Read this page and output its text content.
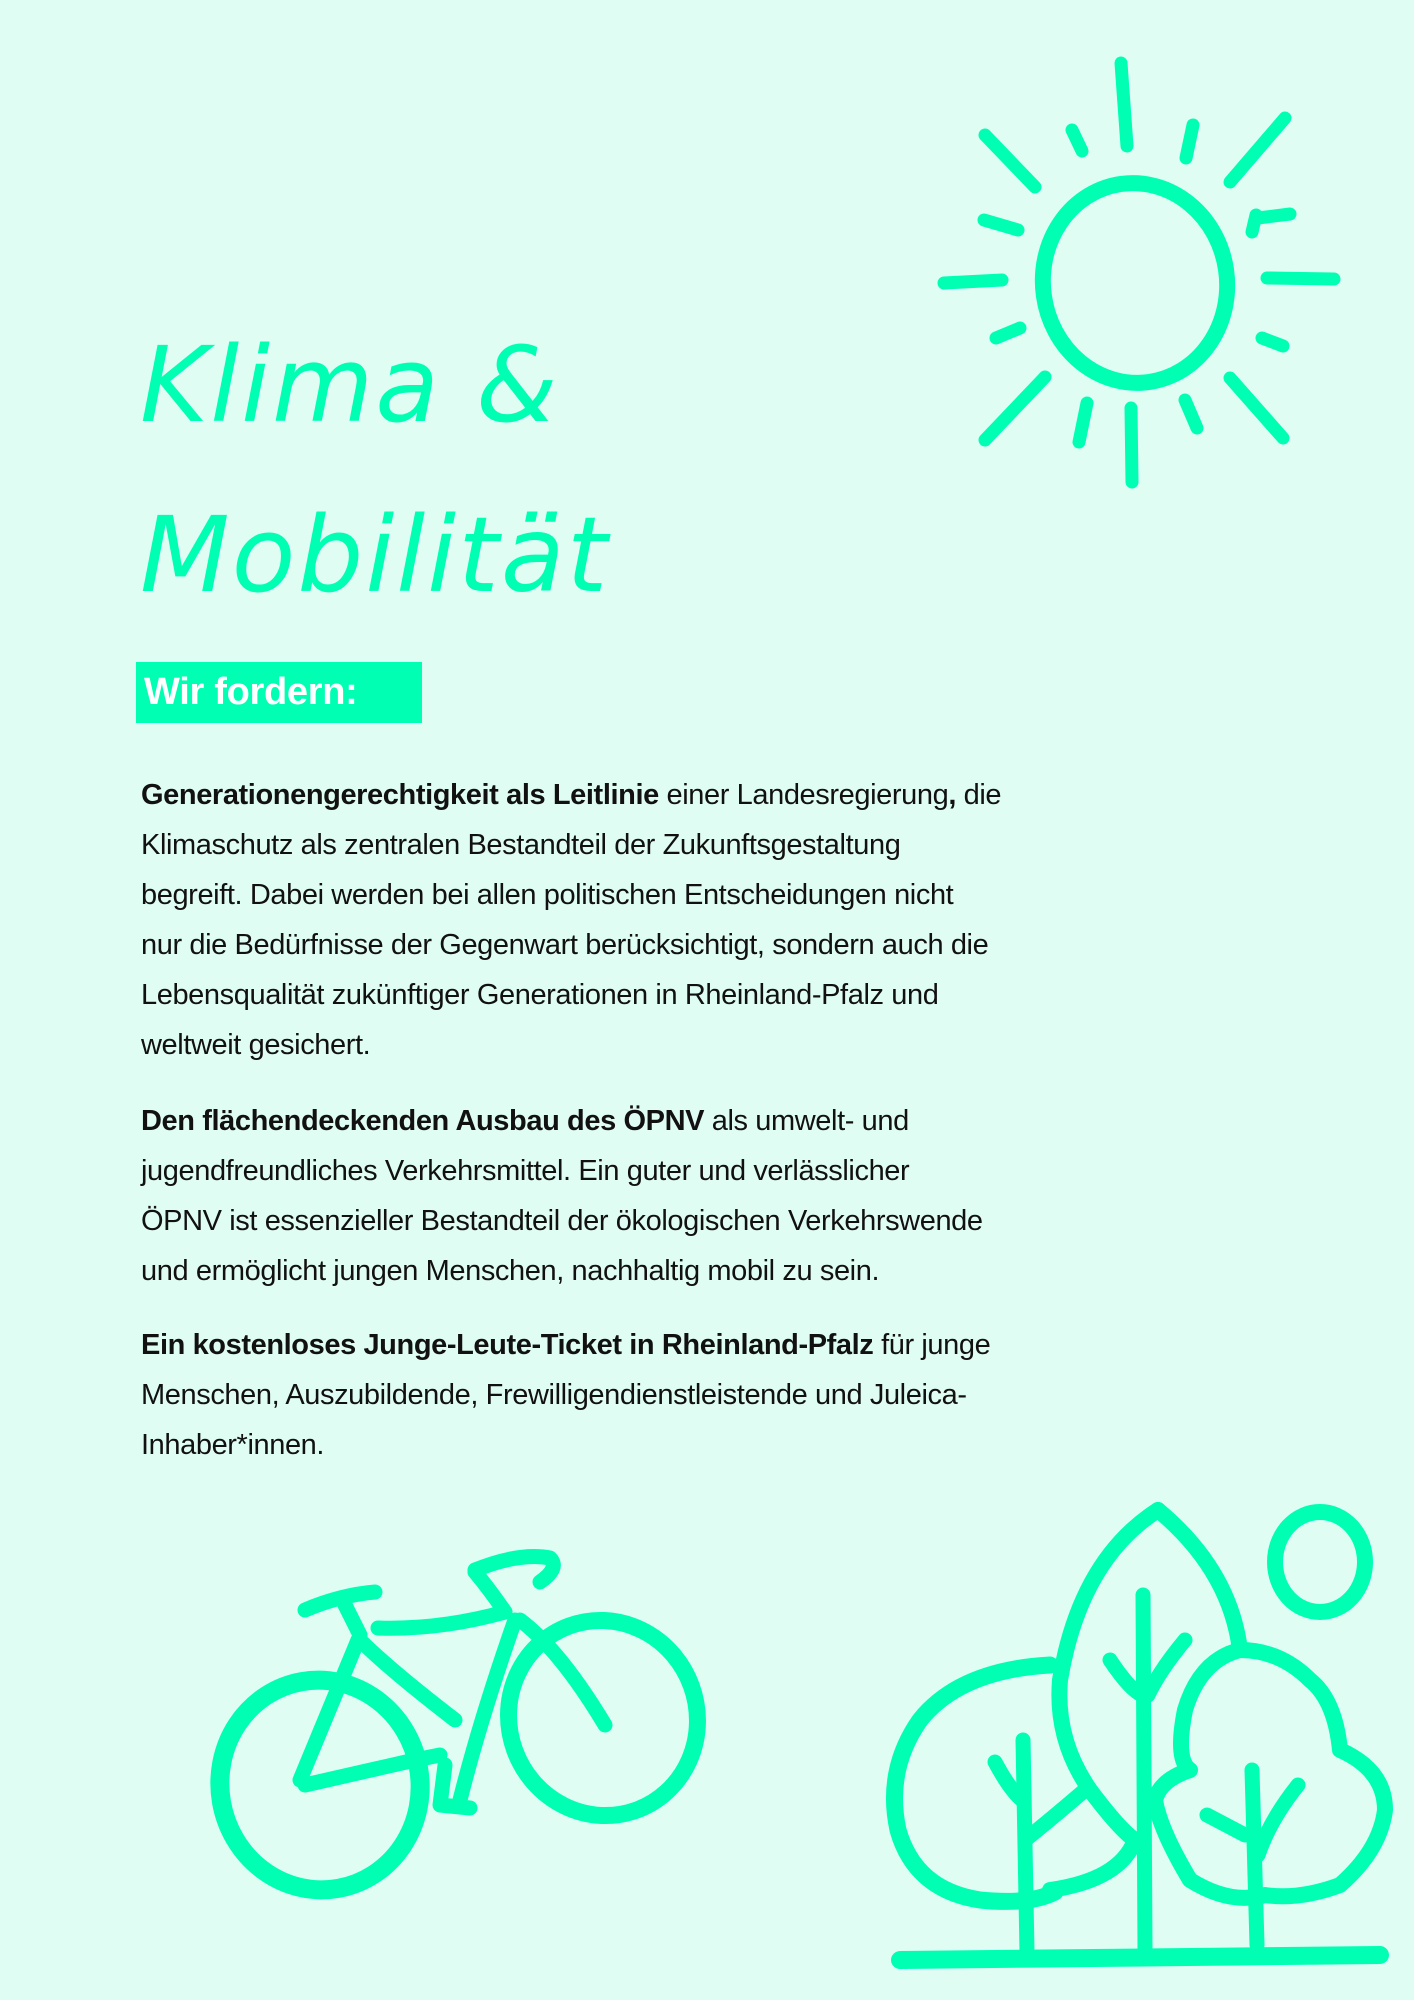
Klima &
Mobilität
Wir fordern:
Generationengerechtigkeit als Leitlinie einer Landesregierung, die
Klimaschutz als zentralen Bestandteil der Zukunftsgestaltung
begreift. Dabei werden bei allen politischen Entscheidungen nicht
nur die Bedürfnisse der Gegenwart berücksichtigt, sondern auch die
Lebensqualität zukünftiger Generationen in Rheinland-Pfalz und
weltweit gesichert.
Den flächendeckenden Ausbau des ÖPNV als umwelt- und
jugendfreundliches Verkehrsmittel. Ein guter und verlässlicher
ÖPNV ist essenzieller Bestandteil der ökologischen Verkehrswende
und ermöglicht jungen Menschen, nachhaltig mobil zu sein.
Ein kostenloses Junge-Leute-Ticket in Rheinland-Pfalz für junge
Menschen, Auszubildende, Frewilligendienstleistende und Juleica-
Inhaber*innen.
